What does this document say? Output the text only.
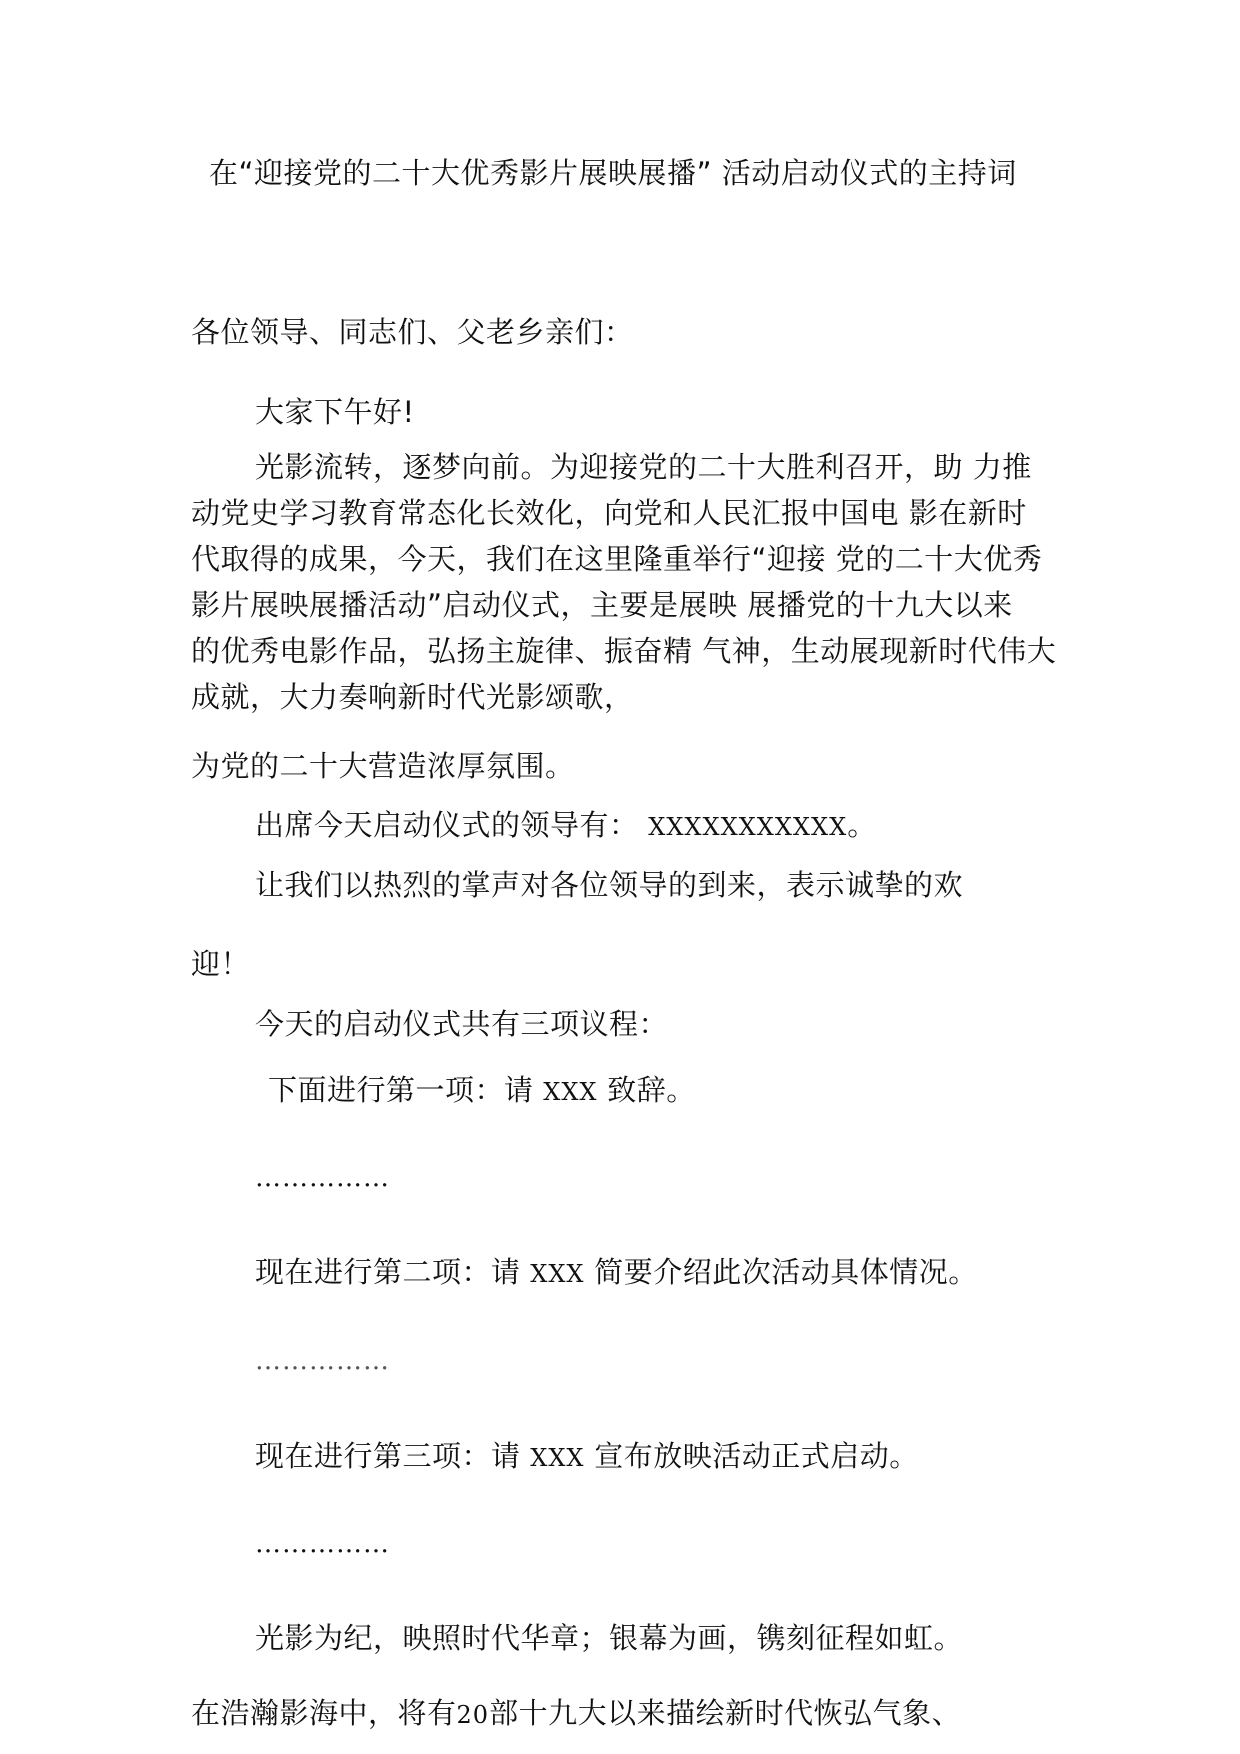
在“迎接党的二十大优秀影片展映展播” 活动启动仪式的主持词
各位领导、同志们、父老乡亲们：
大家下午好!
光影流转，逐梦向前。为迎接党的二十大胜利召开，助 力推
动党史学习教育常态化长效化，向党和人民汇报中国电 影在新时
代取得的成果，今天，我们在这里隆重举行“迎接 党的二十大优秀
影片展映展播活动”启动仪式，主要是展映 展播党的十九大以来
的优秀电影作品，弘扬主旋律、振奋精 气神，生动展现新时代伟大
成就，大力奏响新时代光影颂歌，
为党的二十大营造浓厚氛围。
出席今天启动仪式的领导有： XXXXXXXXXXX。
让我们以热烈的掌声对各位领导的到来，表示诚挚的欢
迎！
今天的启动仪式共有三项议程：
下面进行第一项：请 XXX 致辞。
……………
现在进行第二项：请 XXX 简要介绍此次活动具体情况。
……………
现在进行第三项：请 XXX 宣布放映活动正式启动。
……………
光影为纪，映照时代华章；银幕为画，镌刻征程如虹。
在浩瀚影海中，将有20部十九大以来描绘新时代恢弘气象、
